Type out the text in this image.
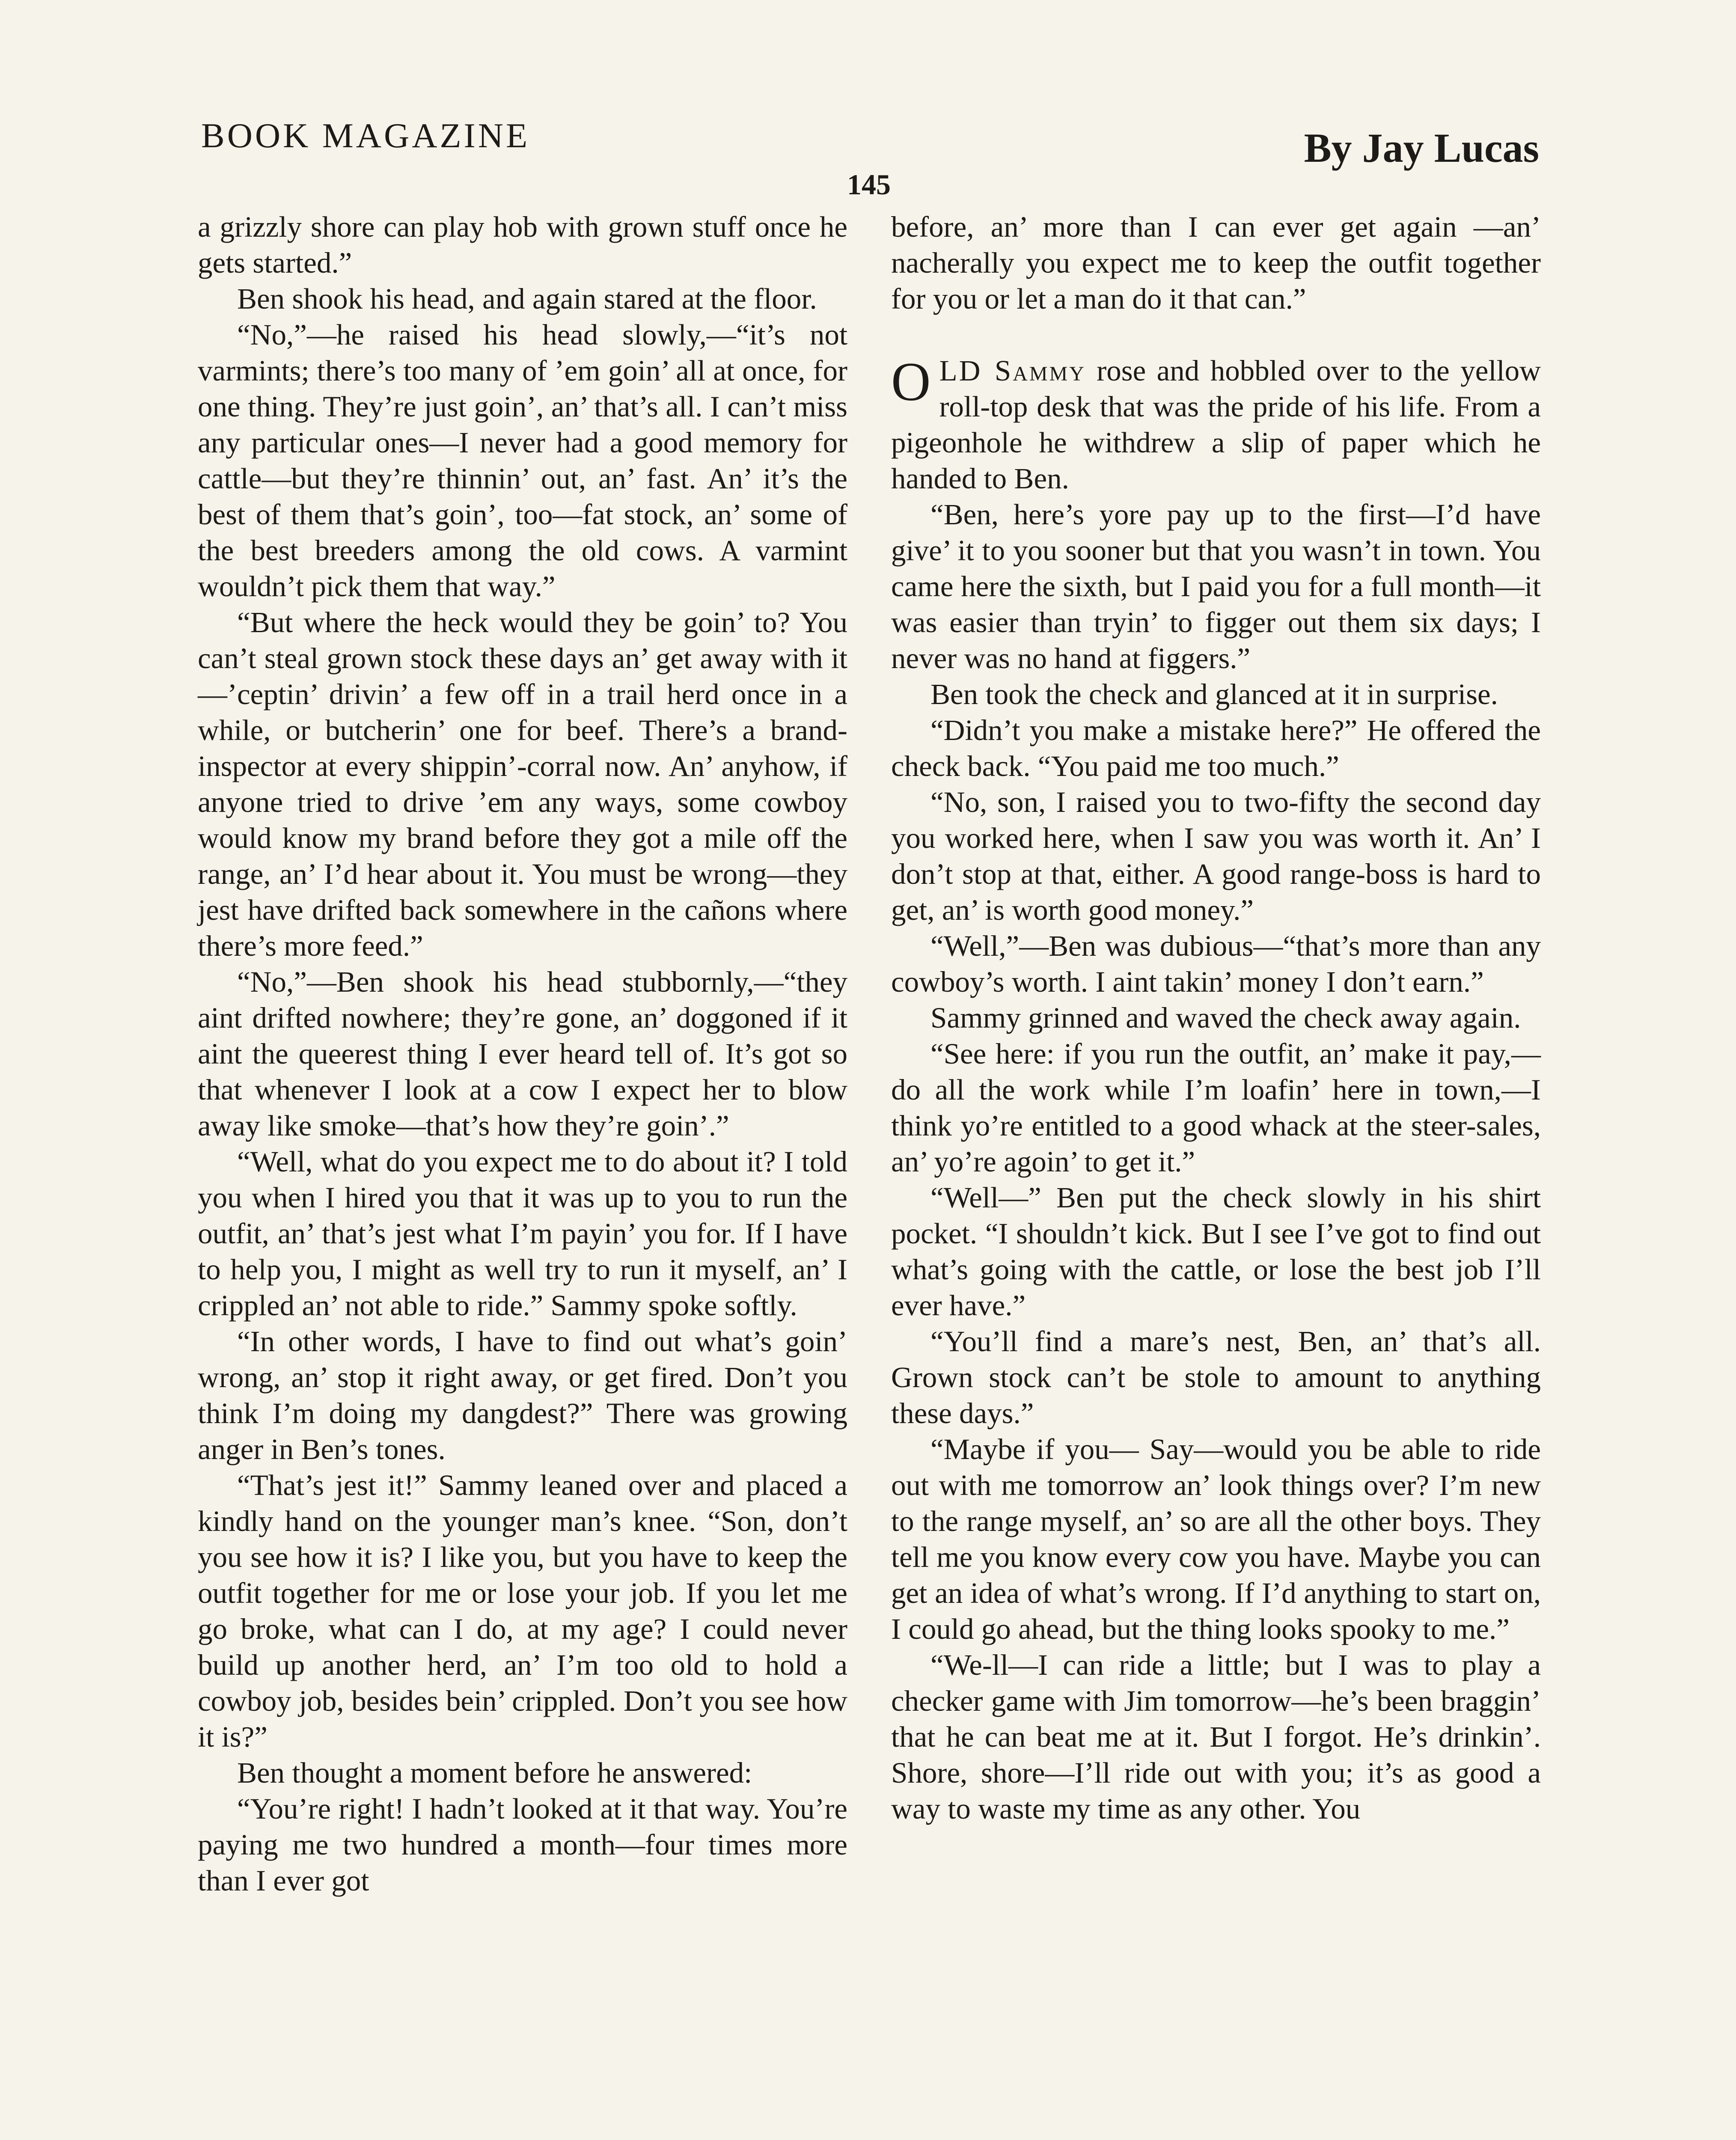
BOOK MAGAZINE	By Jay Lucas
145

a grizzly shore can play hob with grown stuff once he gets started.”

Ben shook his head, and again stared at the floor.

“No,”—he raised his head slowly,—“it’s not varmints; there’s too many of ’em goin’ all at once, for one thing. They’re just goin’, an’ that’s all. I can’t miss any particular ones—I never had a good memory for cattle—but they’re thinnin’ out, an’ fast. An’ it’s the best of them that’s goin’, too—fat stock, an’ some of the best breeders among the old cows. A varmint wouldn’t pick them that way.”

“But where the heck would they be goin’ to? You can’t steal grown stock these days an’ get away with it—’ceptin’ drivin’ a few off in a trail herd once in a while, or butcherin’ one for beef. There’s a brand-inspector at every shippin’-corral now. An’ anyhow, if anyone tried to drive ’em any ways, some cowboy would know my brand before they got a mile off the range, an’ I’d hear about it. You must be wrong—they jest have drifted back somewhere in the cañons where there’s more feed.”

“No,”—Ben shook his head stubbornly,—“they aint drifted nowhere; they’re gone, an’ doggoned if it aint the queerest thing I ever heard tell of. It’s got so that whenever I look at a cow I expect her to blow away like smoke—that’s how they’re goin’.”

“Well, what do you expect me to do about it? I told you when I hired you that it was up to you to run the outfit, an’ that’s jest what I’m payin’ you for. If I have to help you, I might as well try to run it myself, an’ I crippled an’ not able to ride.” Sammy spoke softly.

“In other words, I have to find out what’s goin’ wrong, an’ stop it right away, or get fired. Don’t you think I’m doing my dangdest?” There was growing anger in Ben’s tones.

“That’s jest it!” Sammy leaned over and placed a kindly hand on the younger man’s knee. “Son, don’t you see how it is? I like you, but you have to keep the outfit together for me or lose your job. If you let me go broke, what can I do, at my age? I could never build up another herd, an’ I’m too old to hold a cowboy job, besides bein’ crippled. Don’t you see how it is?”

Ben thought a moment before he answered:

“You’re right! I hadn’t looked at it that way. You’re paying me two hundred a month—four times more than I ever got

before, an’ more than I can ever get again —an’ nacherally you expect me to keep the outfit together for you or let a man do it that can.”

OLD Sammy rose and hobbled over to the yellow roll-top desk that was the pride of his life. From a pigeonhole he withdrew a slip of paper which he handed to Ben.

“Ben, here’s yore pay up to the first—I’d have give’ it to you sooner but that you wasn’t in town. You came here the sixth, but I paid you for a full month—it was easier than tryin’ to figger out them six days; I never was no hand at figgers.”

Ben took the check and glanced at it in surprise.

“Didn’t you make a mistake here?” He offered the check back. “You paid me too much.”

“No, son, I raised you to two-fifty the second day you worked here, when I saw you was worth it. An’ I don’t stop at that, either. A good range-boss is hard to get, an’ is worth good money.”

“Well,”—Ben was dubious—“that’s more than any cowboy’s worth. I aint takin’ money I don’t earn.”

Sammy grinned and waved the check away again.

“See here: if you run the outfit, an’ make it pay,—do all the work while I’m loafin’ here in town,—I think yo’re entitled to a good whack at the steer-sales, an’ yo’re agoin’ to get it.”

“Well—” Ben put the check slowly in his shirt pocket. “I shouldn’t kick. But I see I’ve got to find out what’s going with the cattle, or lose the best job I’ll ever have.”

“You’ll find a mare’s nest, Ben, an’ that’s all. Grown stock can’t be stole to amount to anything these days.”

“Maybe if you— Say—would you be able to ride out with me tomorrow an’ look things over? I’m new to the range myself, an’ so are all the other boys. They tell me you know every cow you have. Maybe you can get an idea of what’s wrong. If I’d anything to start on, I could go ahead, but the thing looks spooky to me.”

“We-ll—I can ride a little; but I was to play a checker game with Jim tomorrow—he’s been braggin’ that he can beat me at it. But I forgot. He’s drinkin’. Shore, shore—I’ll ride out with you; it’s as good a way to waste my time as any other. You
